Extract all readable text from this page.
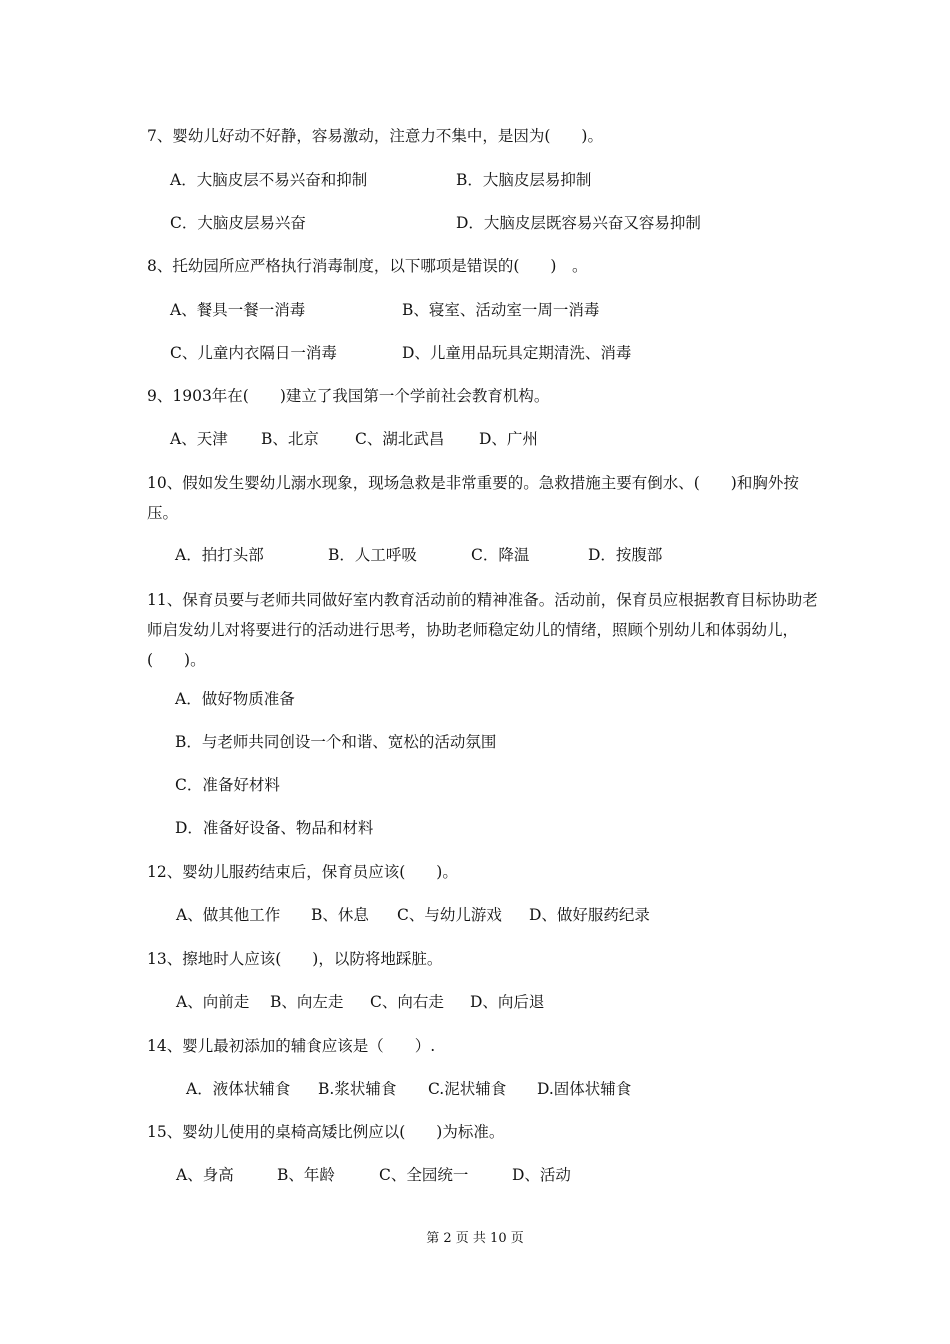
7、婴幼儿好动不好静，容易激动，注意力不集中，是因为(　　)。
A．大脑皮层不易兴奋和抑制	B．大脑皮层易抑制
C．大脑皮层易兴奋	D．大脑皮层既容易兴奋又容易抑制
8、托幼园所应严格执行消毒制度，以下哪项是错误的(　　)　。
A、餐具一餐一消毒	B、寝室、活动室一周一消毒
C、儿童内衣隔日一消毒	D、儿童用品玩具定期清洗、消毒
9、1903年在(　　)建立了我国第一个学前社会教育机构。
A、天津 B、北京 C、湖北武昌 D、广州
10、假如发生婴幼儿溺水现象，现场急救是非常重要的。急救措施主要有倒水、(　　)和胸外按压。
A．拍打头部	B．人工呼吸	C．降温	D．按腹部
11、保育员要与老师共同做好室内教育活动前的精神准备。活动前，保育员应根据教育目标协助老师启发幼儿对将要进行的活动进行思考，协助老师稳定幼儿的情绪，照顾个别幼儿和体弱幼儿，(　　)。
A．做好物质准备
B．与老师共同创设一个和谐、宽松的活动氛围
C．准备好材料
D．准备好设备、物品和材料
12、婴幼儿服药结束后，保育员应该(　　)。
A、做其他工作 B、休息 C、与幼儿游戏 D、做好服药纪录
13、擦地时人应该(　　)，以防将地踩脏。
A、向前走 B、向左走 C、向右走 D、向后退
14、婴儿最初添加的辅食应该是（　　）.
A．液体状辅食 B.浆状辅食 C.泥状辅食 D.固体状辅食
15、婴幼儿使用的桌椅高矮比例应以(　　)为标准。
A、身高	B、年龄	C、全园统一	D、活动
第 2 页 共 10 页
